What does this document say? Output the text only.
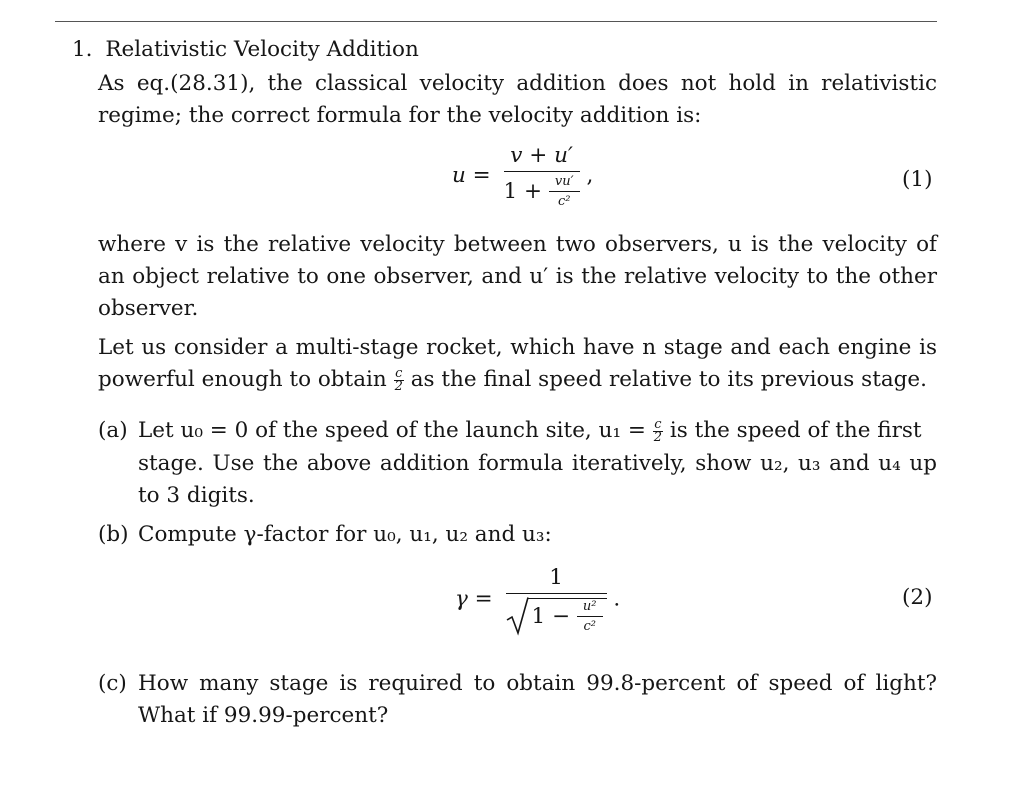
1. Relativistic Velocity Addition
As eq.(28.31), the classical velocity addition does not hold in relativistic
regime; the correct formula for the velocity addition is:
$u = \frac{v + u'}{1 + \frac{vu'}{\text{c²}}}$ ,	(1)
where v is the relative velocity between two observers, u is the velocity of
an object relative to one observer, and u′ is the relative velocity to the other
observer.
Let us consider a multi-stage rocket, which have n stage and each engine is
powerful enough to obtain $\frac{c}{2}$ as the final speed relative to its previous stage.
(a) Let u₀ = 0 of the speed of the launch site, $u_1 = \frac{c}{2}$ is the speed of the first
stage. Use the above addition formula iteratively, show u₂, u₃ and u₄ up
to 3 digits.
(b) Compute γ-factor for u₀, u₁, u₂ and u₃:
$\gamma = \frac{1}{1 - \frac{\text{u²}}{\text{c²}}}$ .	(2)
(c) How many stage is required to obtain 99.8-percent of speed of light?
What if 99.99-percent?
